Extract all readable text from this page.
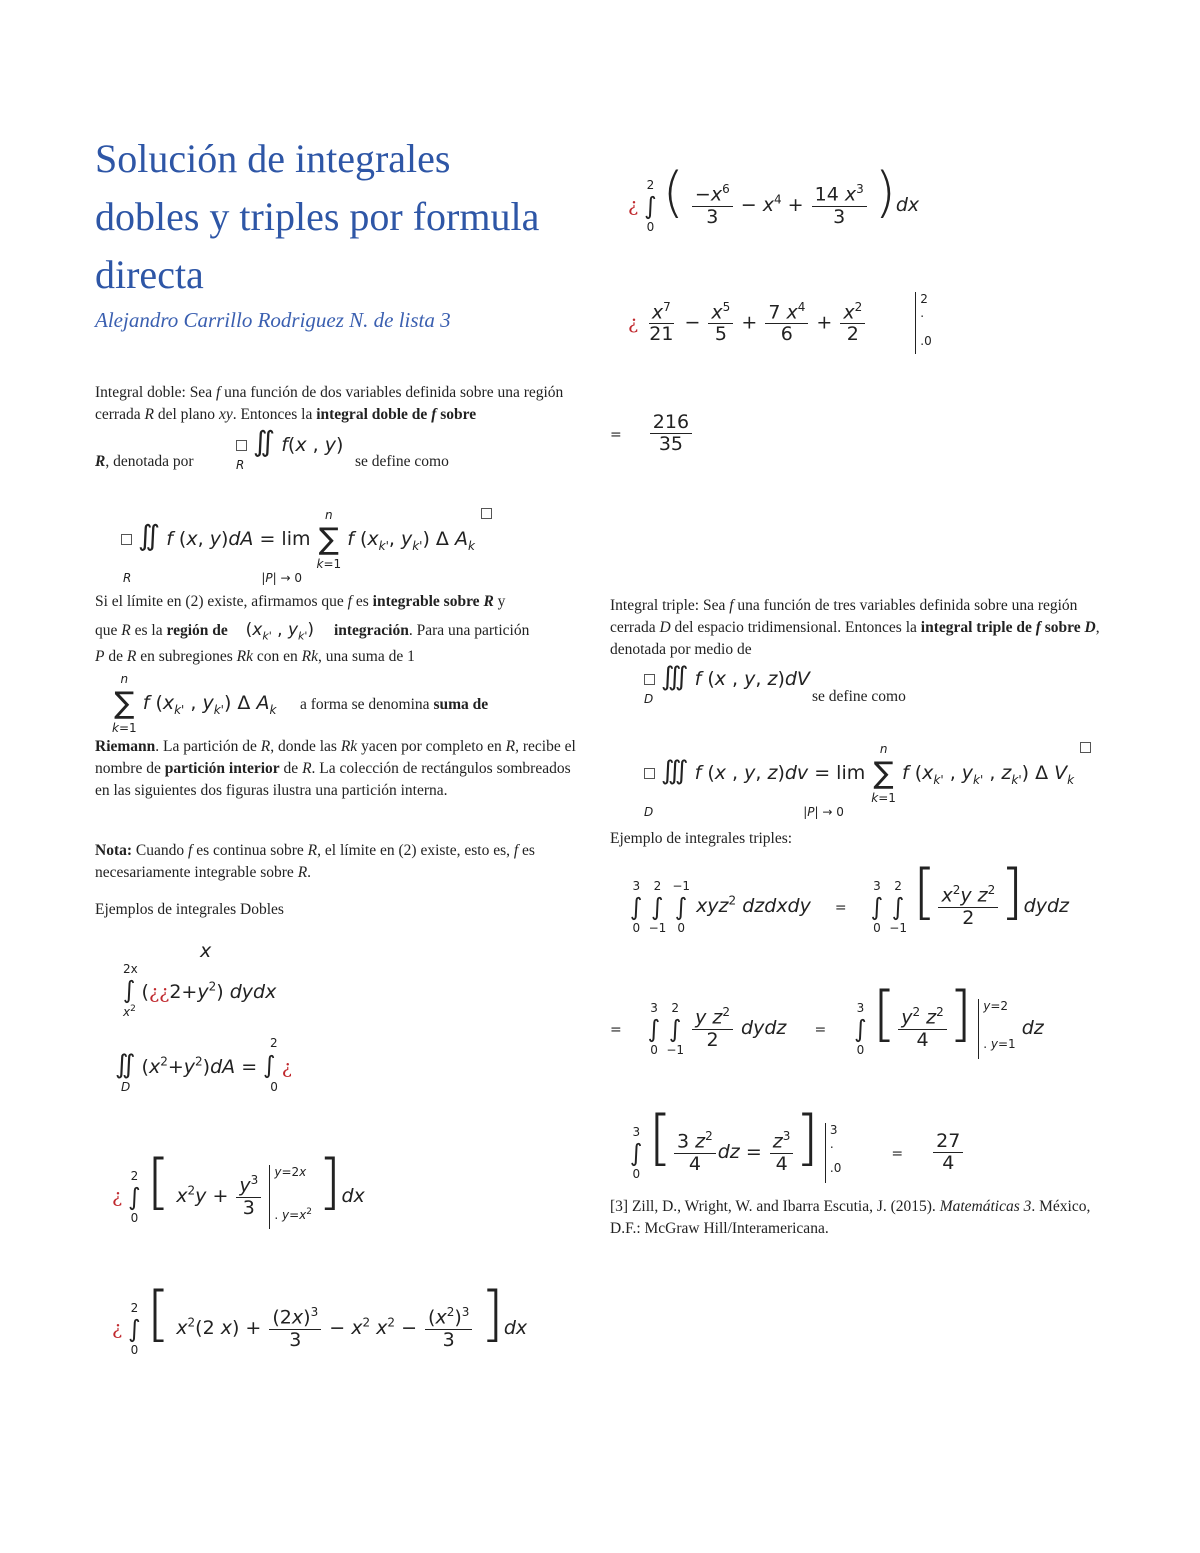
Solución de integrales dobles y triples por formula directa
Alejandro Carrillo Rodriguez N. de lista 3
Integral doble: Sea f una función de dos variables definida sobre una región cerrada R del plano xy. Entonces la integral doble de f sobre
R, denotada por
∬ f(x , y)
R	se define como
∬ f (x, y)dA = lim
n
∑
k=1
f ($x_{k'}$, $y_{k'}$) Δ $A_k$
R	|P| → 0
Si el límite en (2) existe, afirmamos que f es integrable sobre R y
que R es la región de ($x_{k'}$ , $y_{k'}$) integración. Para una partición
P de R en subregiones Rk con en Rk, una suma de 1
n
∑
k=1
f ($x_{k'}$ , $y_{k'}$) Δ $A_k$ a forma se denomina suma de
Riemann. La partición de R, donde las Rk yacen por completo en R, recibe el nombre de partición interior de R. La colección de rectángulos sombreados en las siguientes dos figuras ilustra una partición interna.
Nota: Cuando f es continua sobre R, el límite en (2) existe, esto es, f es necesariamente integrable sobre R.
Ejemplos de integrales Dobles
x
2x
∫ $(¿¿2+y^2)$ dydx
$x^2$
2
∬ $(x^2+y^2)dA$ = ∫ ¿
D	0
¿
2
∫
0
[ $x^2y + \frac{y^3}{3}$

y=2x
. $y=x^2$ ]dx
¿
2
∫
0
[ $x^2(2$ $x) + \frac{(2x)^3}{3} - x^2$ $x^2 - \frac{(x^2)^3}{3} ]dx$
¿
2
∫
0
( $\frac{-x^6}{3} - x^4 + \frac{14 x^3}{3} )dx$
¿ $\frac{x^7}{21} - \frac{x^5}{5} + \frac{7 x^4}{6} + \frac{x^2}{2}$

2
.
.0
= $\frac{216}{35}$
Integral triple: Sea f una función de tres variables definida sobre una región cerrada D del espacio tridimensional. Entonces la integral triple de f sobre D, denotada por medio de
∭ f (x , y, z)dV
D	se define como
∭ f (x , y, z)dv = lim
n
∑
k=1
f ($x_{k'}$ , $y_{k'}$ , $z_{k'}$) Δ $V_k$
D	|P| → 0
Ejemplo de integrales triples:
3
∫
0

2
∫
−1

−1
∫
0
xyz$^2$ dzdxdy =
3
∫
0

2
∫
−1
[ $\frac{x^2y z^2}{2}$ ]dydz
=
3
∫
0

2
∫
−1
$\frac{y z^2}{2}$ dydz =
3
∫
0
[ $\frac{y^2 z^2}{4}$ ] y=2
. y=1
dz
3
∫
0
[ $\frac{3 z^2}{4}$ dz = $\frac{z^3}{4}$ ] 3
.
.0
= $\frac{27}{4}$
[3] Zill, D., Wright, W. and Ibarra Escutia, J. (2015). Matemáticas 3. México, D.F.: McGraw Hill/Interamericana.
